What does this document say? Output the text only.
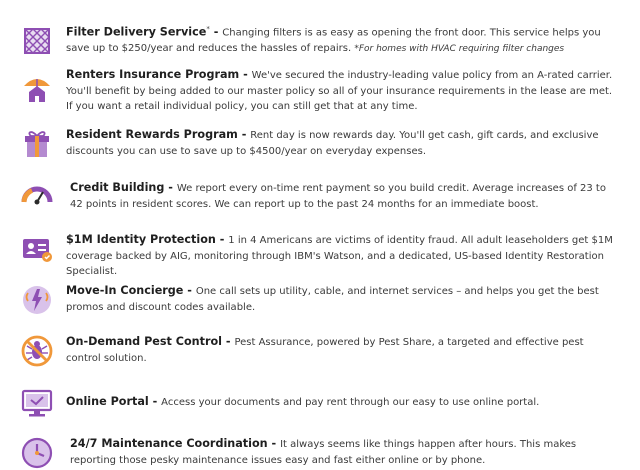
Filter Delivery Service* - Changing filters is as easy as opening the front door. This service helps you save up to $250/year and reduces the hassles of repairs. *For homes with HVAC requiring filter changes
Renters Insurance Program - We've secured the industry-leading value policy from an A-rated carrier. You'll benefit by being added to our master policy so all of your insurance requirements in the lease are met. If you want a retail individual policy, you can still get that at any time.
Resident Rewards Program - Rent day is now rewards day. You'll get cash, gift cards, and exclusive discounts you can use to save up to $4500/year on everyday expenses.
Credit Building - We report every on-time rent payment so you build credit. Average increases of 23 to 42 points in resident scores. We can report up to the past 24 months for an immediate boost.
$1M Identity Protection - 1 in 4 Americans are victims of identity fraud. All adult leaseholders get $1M coverage backed by AIG, monitoring through IBM's Watson, and a dedicated, US-based Identity Restoration Specialist.
Move-In Concierge - One call sets up utility, cable, and internet services – and helps you get the best promos and discount codes available.
On-Demand Pest Control - Pest Assurance, powered by Pest Share, a targeted and effective pest control solution.
Online Portal - Access your documents and pay rent through our easy to use online portal.
24/7 Maintenance Coordination - It always seems like things happen after hours. This makes reporting those pesky maintenance issues easy and fast either online or by phone.
